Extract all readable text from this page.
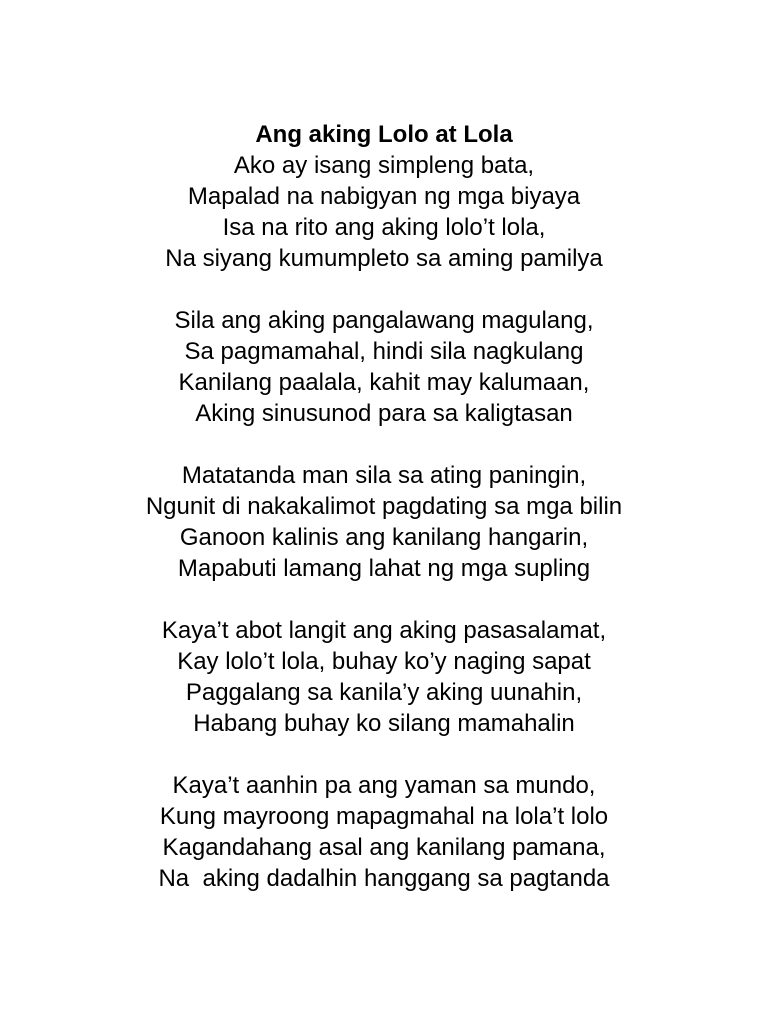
Ang aking Lolo at Lola
Ako ay isang simpleng bata,
Mapalad na nabigyan ng mga biyaya
Isa na rito ang aking lolo’t lola,
Na siyang kumumpleto sa aming pamilya
Sila ang aking pangalawang magulang,
Sa pagmamahal, hindi sila nagkulang
Kanilang paalala, kahit may kalumaan,
Aking sinusunod para sa kaligtasan
Matatanda man sila sa ating paningin,
Ngunit di nakakalimot pagdating sa mga bilin
Ganoon kalinis ang kanilang hangarin,
Mapabuti lamang lahat ng mga supling
Kaya’t abot langit ang aking pasasalamat,
Kay lolo’t lola, buhay ko’y naging sapat
Paggalang sa kanila’y aking uunahin,
Habang buhay ko silang mamahalin
Kaya’t aanhin pa ang yaman sa mundo,
Kung mayroong mapagmahal na lola’t lolo
Kagandahang asal ang kanilang pamana,
Na  aking dadalhin hanggang sa pagtanda
